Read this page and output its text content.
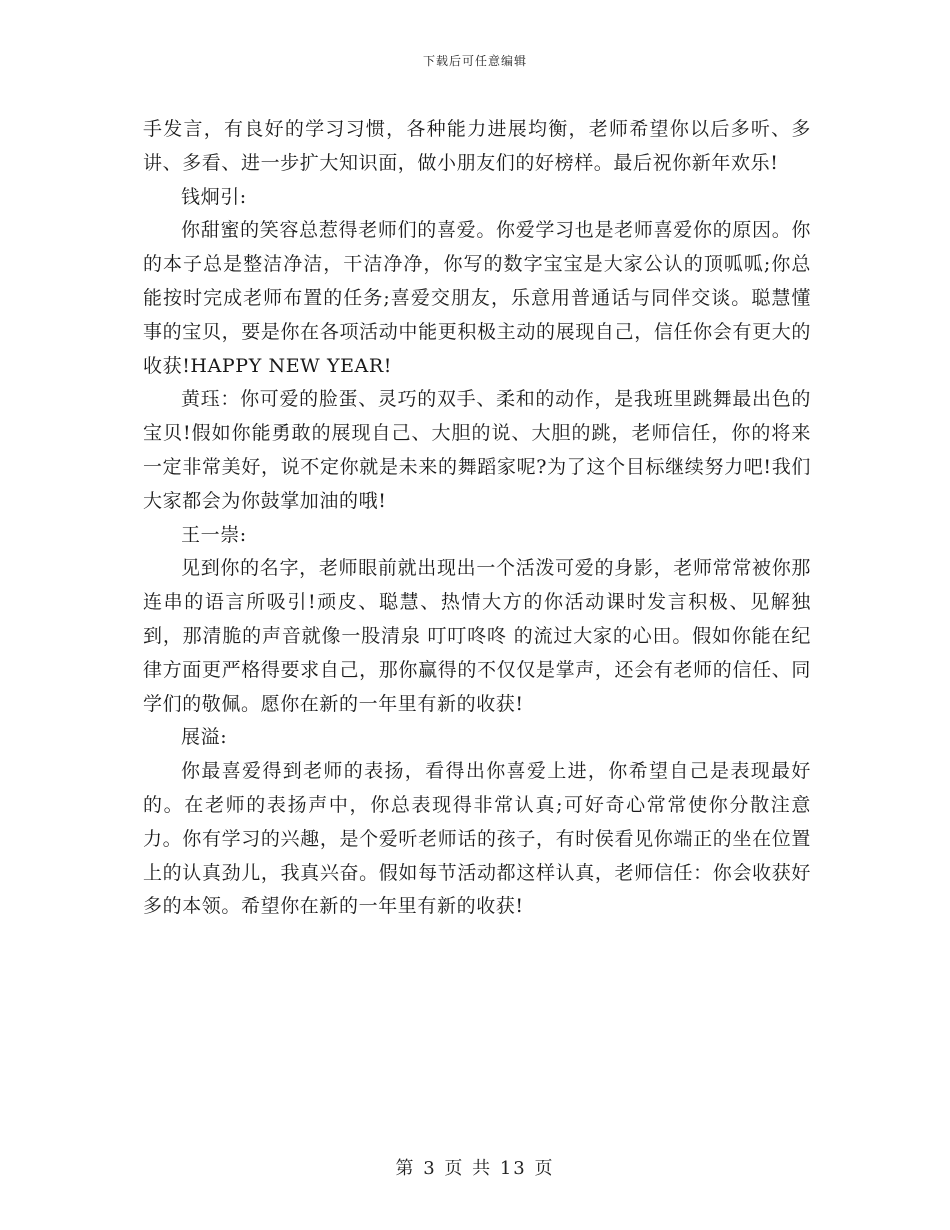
下载后可任意编辑

手发言，有良好的学习习惯，各种能力进展均衡，老师希望你以后多听、多讲、多看、进一步扩大知识面，做小朋友们的好榜样。最后祝你新年欢乐!

钱炯引:

你甜蜜的笑容总惹得老师们的喜爱。你爱学习也是老师喜爱你的原因。你的本子总是整洁净洁，干洁净净，你写的数字宝宝是大家公认的顶呱呱;你总能按时完成老师布置的任务;喜爱交朋友，乐意用普通话与同伴交谈。聪慧懂事的宝贝，要是你在各项活动中能更积极主动的展现自己，信任你会有更大的收获!HAPPY NEW YEAR!

黄珏：你可爱的脸蛋、灵巧的双手、柔和的动作，是我班里跳舞最出色的宝贝!假如你能勇敢的展现自己、大胆的说、大胆的跳，老师信任，你的将来一定非常美好，说不定你就是未来的舞蹈家呢?为了这个目标继续努力吧!我们大家都会为你鼓掌加油的哦!

王一崇:

见到你的名字，老师眼前就出现出一个活泼可爱的身影，老师常常被你那连串的语言所吸引!顽皮、聪慧、热情大方的你活动课时发言积极、见解独到，那清脆的声音就像一股清泉 叮叮咚咚 的流过大家的心田。假如你能在纪律方面更严格得要求自己，那你赢得的不仅仅是掌声，还会有老师的信任、同学们的敬佩。愿你在新的一年里有新的收获!

展溢:

你最喜爱得到老师的表扬，看得出你喜爱上进，你希望自己是表现最好的。在老师的表扬声中，你总表现得非常认真;可好奇心常常使你分散注意力。你有学习的兴趣，是个爱听老师话的孩子，有时侯看见你端正的坐在位置上的认真劲儿，我真兴奋。假如每节活动都这样认真，老师信任：你会收获好多的本领。希望你在新的一年里有新的收获!

第 3 页 共 13 页
